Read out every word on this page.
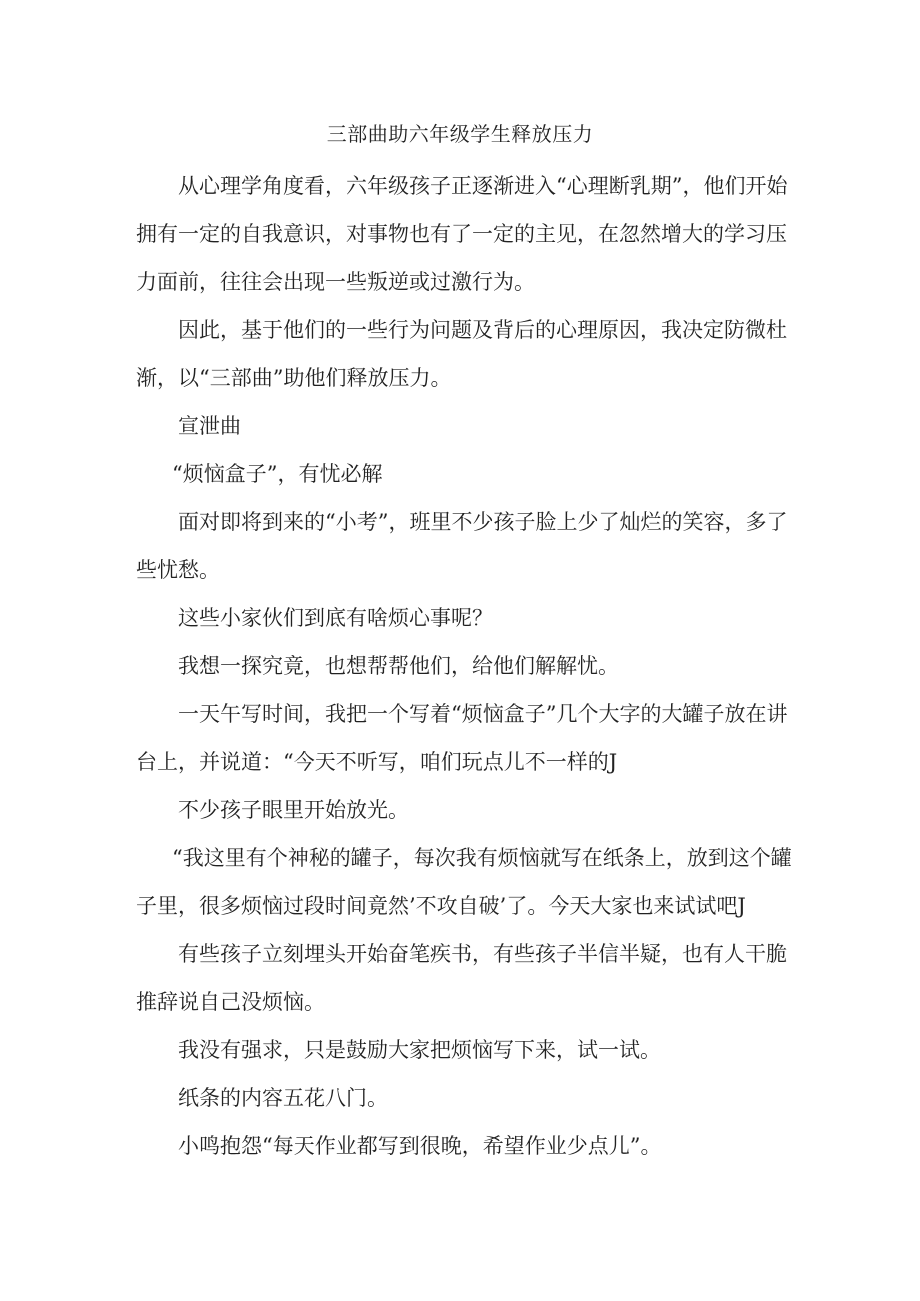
三部曲助六年级学生释放压力

从心理学角度看，六年级孩子正逐渐进入“心理断乳期”，他们开始拥有一定的自我意识，对事物也有了一定的主见，在忽然增大的学习压力面前，往往会出现一些叛逆或过激行为。

因此，基于他们的一些行为问题及背后的心理原因，我决定防微杜渐，以“三部曲”助他们释放压力。

宣泄曲

“烦恼盒子”，有忧必解

面对即将到来的“小考”，班里不少孩子脸上少了灿烂的笑容，多了些忧愁。

这些小家伙们到底有啥烦心事呢？

我想一探究竟，也想帮帮他们，给他们解解忧。

一天午写时间，我把一个写着“烦恼盒子”几个大字的大罐子放在讲台上，并说道：“今天不听写，咱们玩点儿不一样的J

不少孩子眼里开始放光。

“我这里有个神秘的罐子，每次我有烦恼就写在纸条上，放到这个罐子里，很多烦恼过段时间竟然’不攻自破’了。今天大家也来试试吧J

有些孩子立刻埋头开始奋笔疾书，有些孩子半信半疑，也有人干脆推辞说自己没烦恼。

我没有强求，只是鼓励大家把烦恼写下来，试一试。

纸条的内容五花八门。

小鸣抱怨“每天作业都写到很晚，希望作业少点儿”。
